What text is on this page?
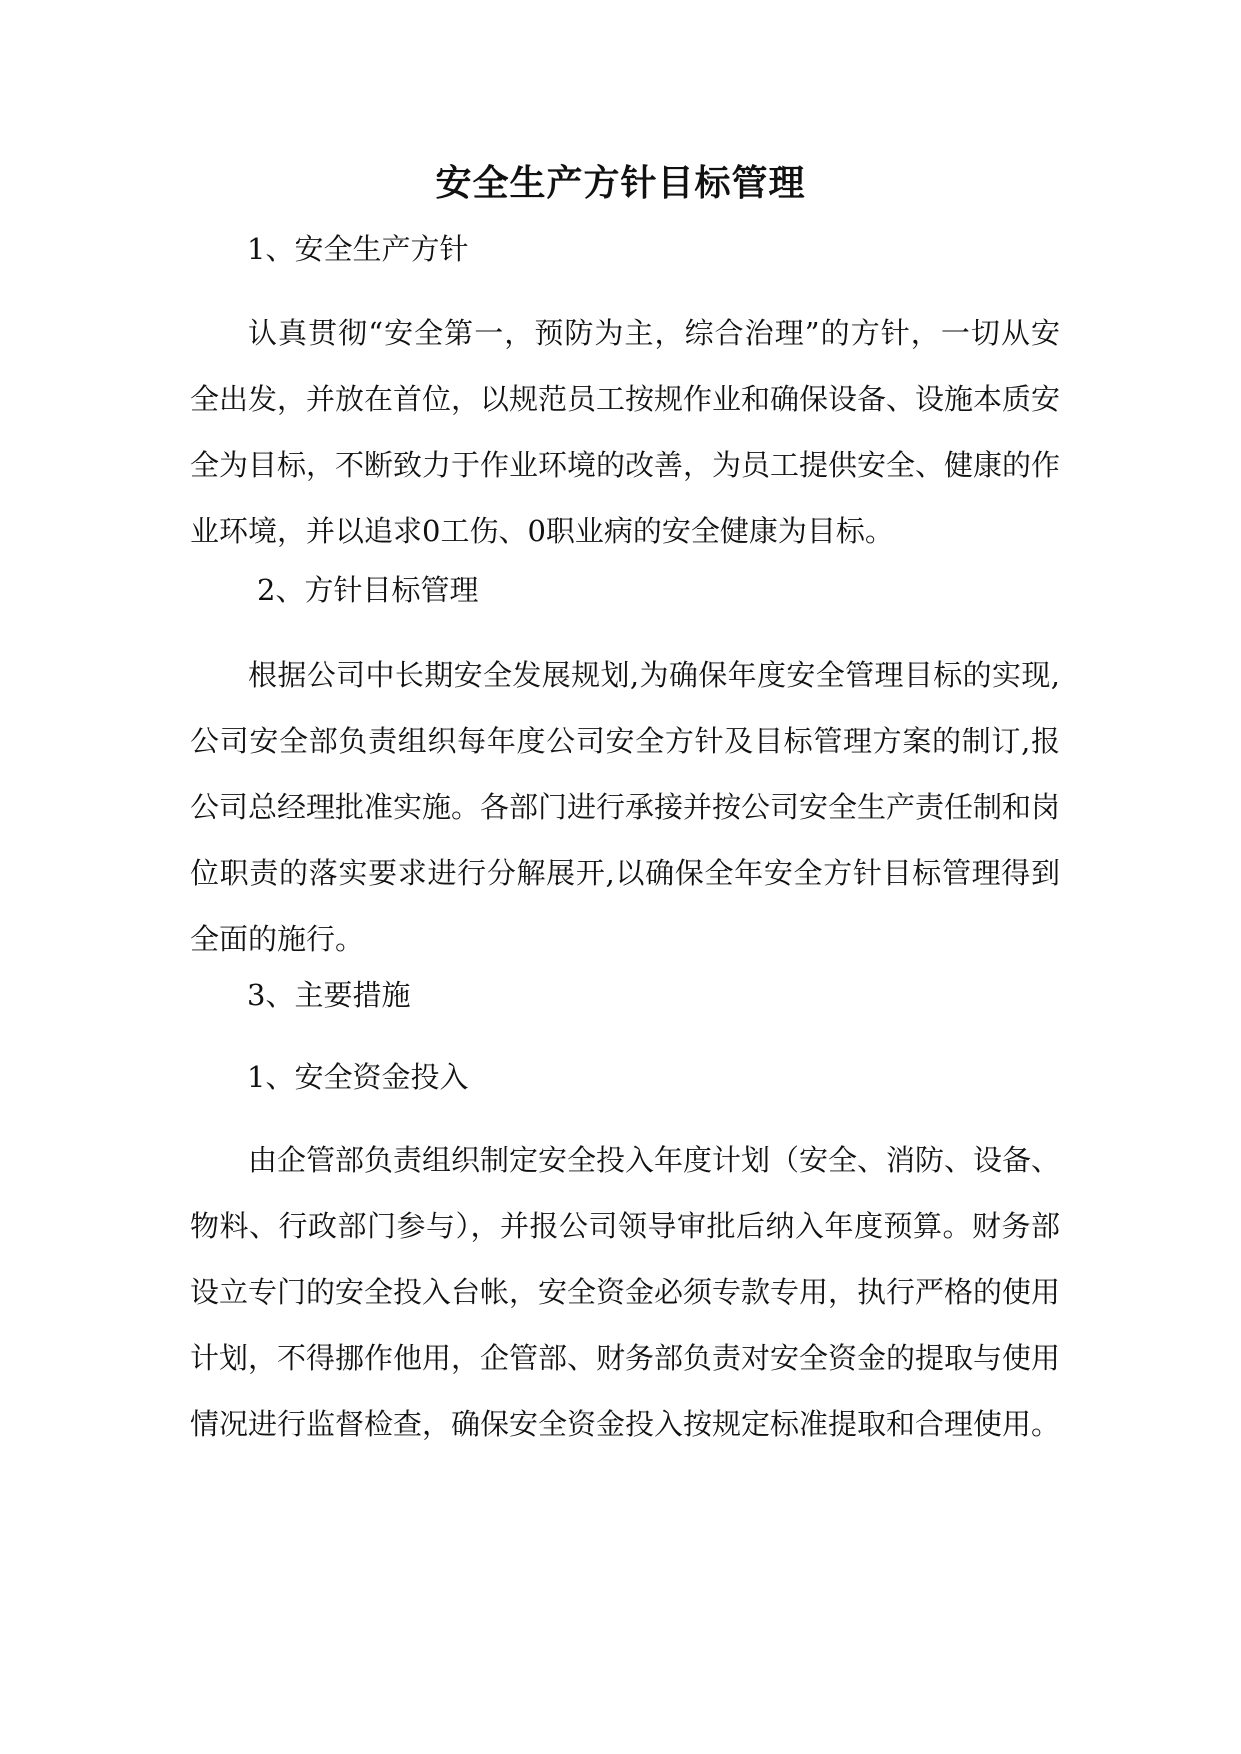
安全生产方针目标管理
1、安全生产方针
认真贯彻“安全第一，预防为主，综合治理”的方针，一切从安全出发，并放在首位，以规范员工按规作业和确保设备、设施本质安全为目标，不断致力于作业环境的改善，为员工提供安全、健康的作业环境，并以追求0工伤、0职业病的安全健康为目标。
2、方针目标管理
根据公司中长期安全发展规划,为确保年度安全管理目标的实现,公司安全部负责组织每年度公司安全方针及目标管理方案的制订,报公司总经理批准实施。各部门进行承接并按公司安全生产责任制和岗位职责的落实要求进行分解展开,以确保全年安全方针目标管理得到全面的施行。
3、主要措施
1、安全资金投入
由企管部负责组织制定安全投入年度计划（安全、消防、设备、物料、行政部门参与），并报公司领导审批后纳入年度预算。财务部设立专门的安全投入台帐，安全资金必须专款专用，执行严格的使用计划，不得挪作他用，企管部、财务部负责对安全资金的提取与使用情况进行监督检查，确保安全资金投入按规定标准提取和合理使用。
